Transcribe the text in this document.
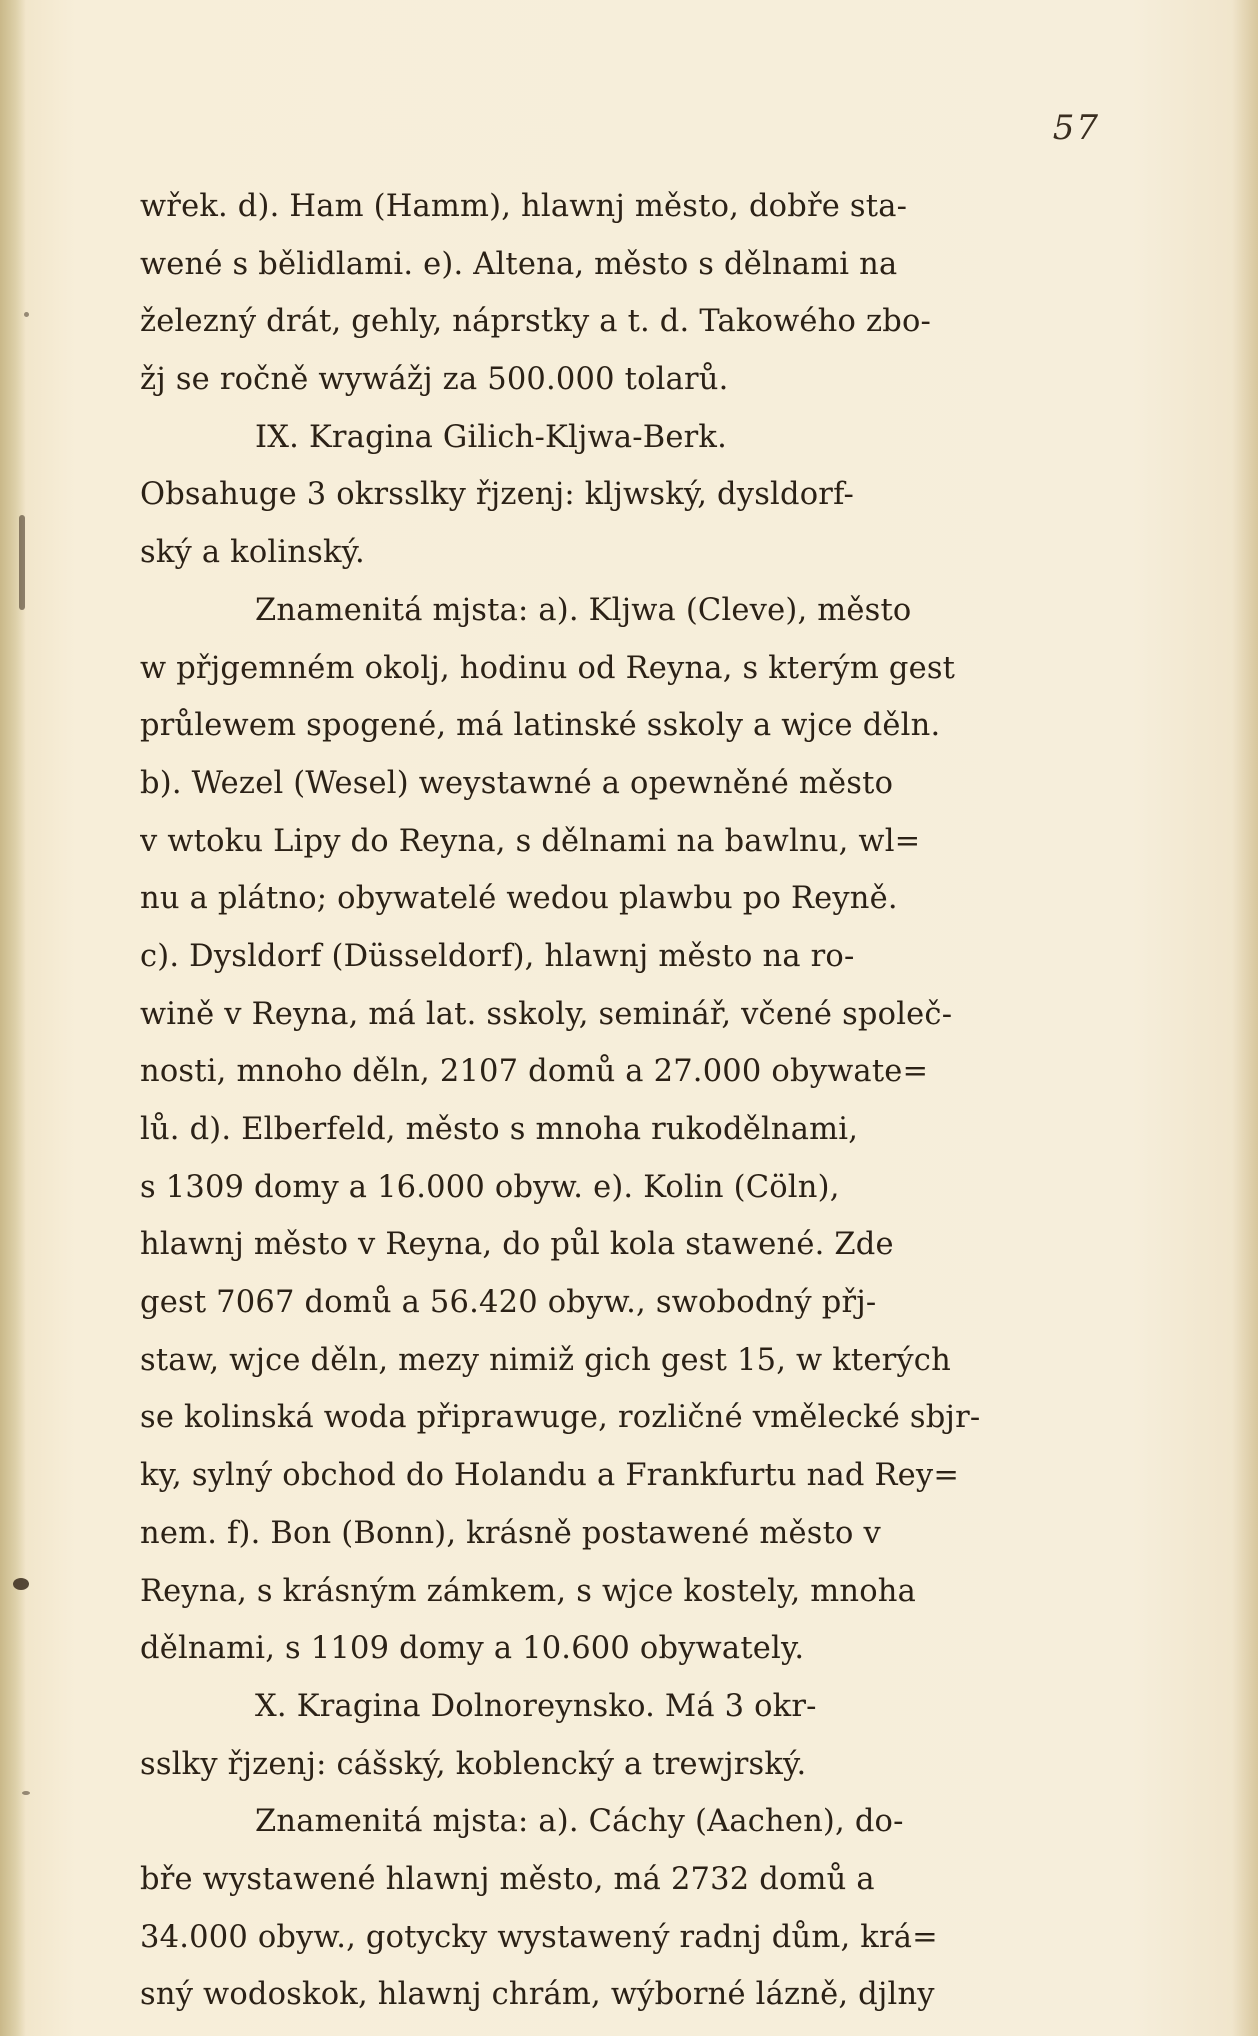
57
wřek. d). Ham (Hamm), hlawnj město, dobře sta-
wené s bělidlami. e). Altena, město s dělnami na
železný drát, gehly, náprstky a t. d. Takowého zbo-
žj se ročně wywážj za 500.000 tolarů.
IX. Kragina Gilich-Kljwa-Berk.
Obsahuge 3 okrsslky řjzenj: kljwský, dysldorf-
ský a kolinský.
Znamenitá mjsta: a). Kljwa (Cleve), město
w přjgemném okolj, hodinu od Reyna, s kterým gest
průlewem spogené, má latinské sskoly a wjce děln.
b). Wezel (Wesel) weystawné a opewněné město
v wtoku Lipy do Reyna, s dělnami na bawlnu, wl=
nu a plátno; obywatelé wedou plawbu po Reyně.
c). Dysldorf (Düsseldorf), hlawnj město na ro-
wině v Reyna, má lat. sskoly, seminář, včené společ-
nosti, mnoho děln, 2107 domů a 27.000 obywate=
lů. d). Elberfeld, město s mnoha rukodělnami,
s 1309 domy a 16.000 obyw. e). Kolin (Cöln),
hlawnj město v Reyna, do půl kola stawené. Zde
gest 7067 domů a 56.420 obyw., swobodný přj-
staw, wjce děln, mezy nimiž gich gest 15, w kterých
se kolinská woda připrawuge, rozličné vmělecké sbjr-
ky, sylný obchod do Holandu a Frankfurtu nad Rey=
nem. f). Bon (Bonn), krásně postawené město v
Reyna, s krásným zámkem, s wjce kostely, mnoha
dělnami, s 1109 domy a 10.600 obywately.
X. Kragina Dolnoreynsko. Má 3 okr-
sslky řjzenj: cášský, koblencký a trewjrský.
Znamenitá mjsta: a). Cáchy (Aachen), do-
bře wystawené hlawnj město, má 2732 domů a
34.000 obyw., gotycky wystawený radnj dům, krá=
sný wodoskok, hlawnj chrám, wýborné lázně, djlny
